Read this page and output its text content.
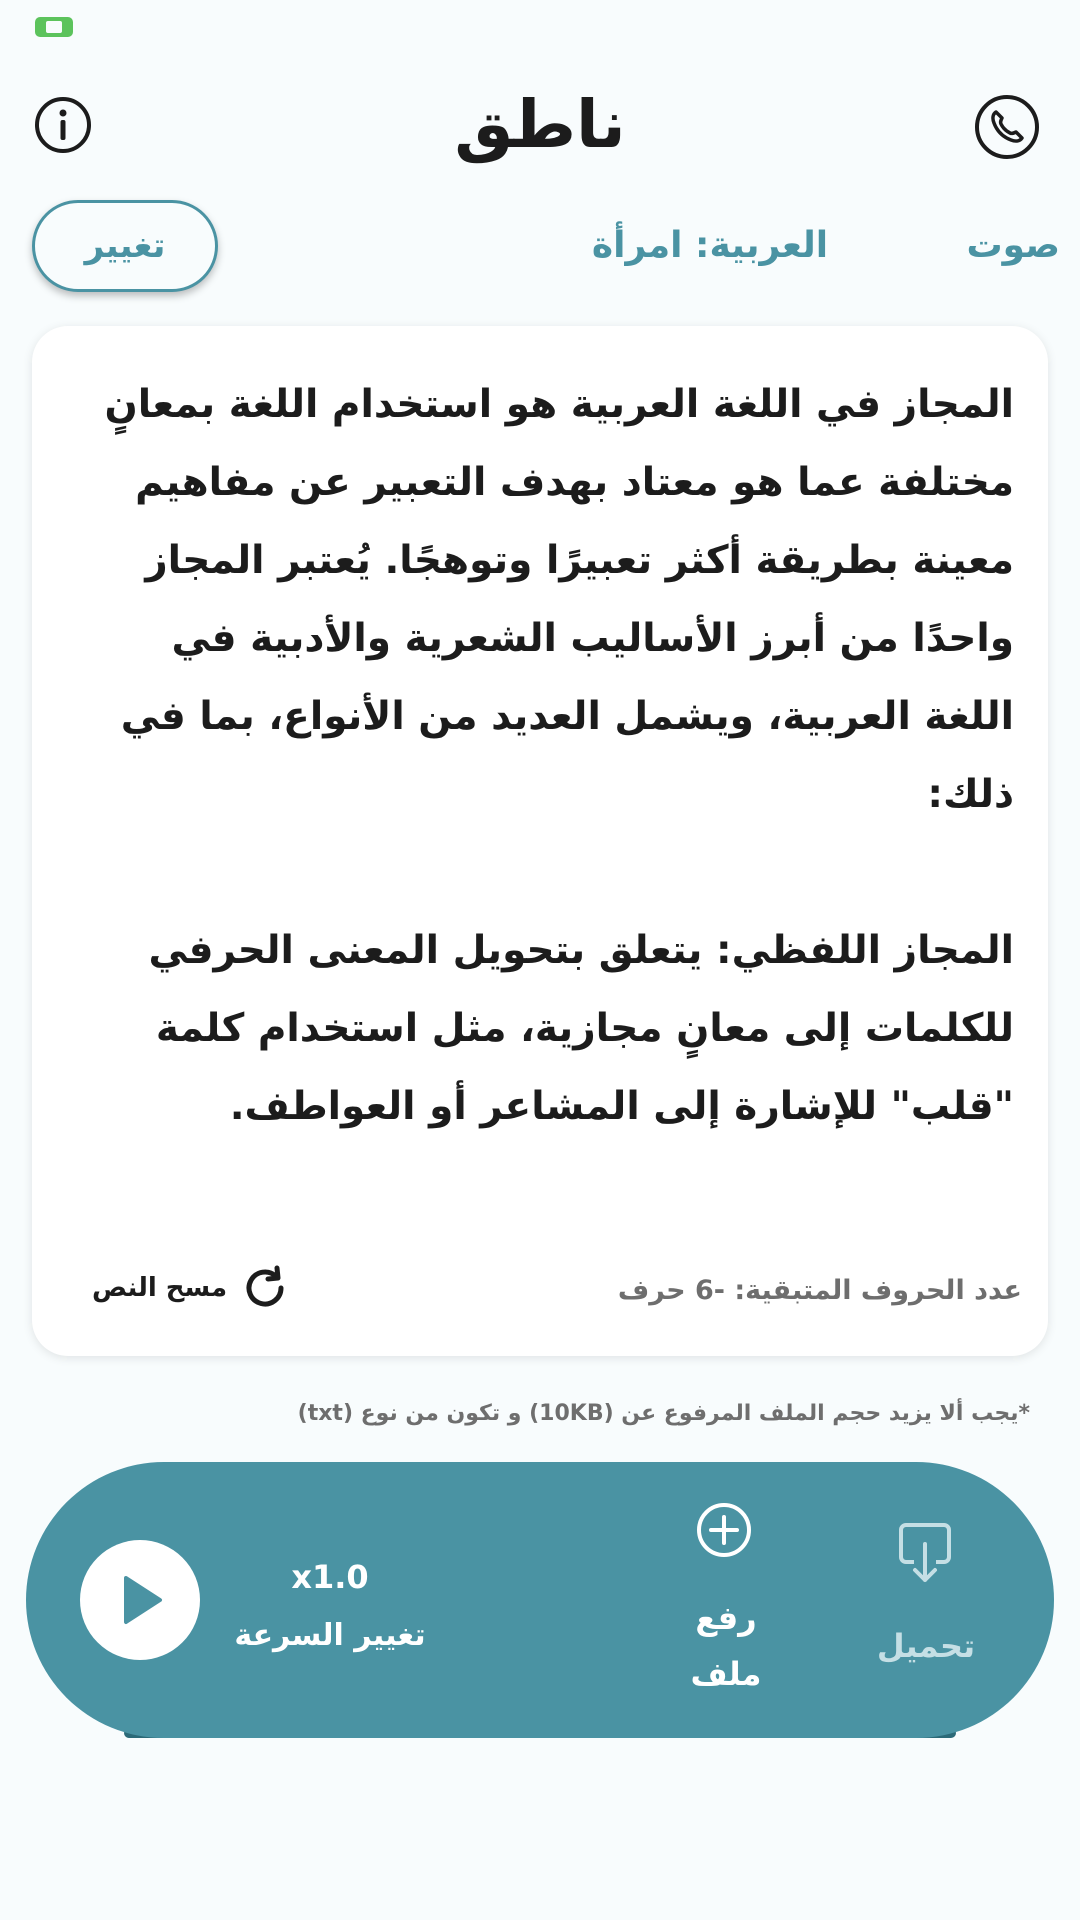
ناطق
تغيير	العربية: امرأة	صوت

المجاز في اللغة العربية هو استخدام اللغة بمعانٍ مختلفة عما هو معتاد بهدف التعبير عن مفاهيم معينة بطريقة أكثر تعبيرًا وتوهجًا. يُعتبر المجاز واحدًا من أبرز الأساليب الشعرية والأدبية في اللغة العربية، ويشمل العديد من الأنواع، بما في ذلك:

المجاز اللفظي: يتعلق بتحويل المعنى الحرفي للكلمات إلى معانٍ مجازية، مثل استخدام كلمة "قلب" للإشارة إلى المشاعر أو العواطف.

عدد الحروف المتبقية: -6 حرف
مسح النص
*يجب ألا يزيد حجم الملف المرفوع عن (10KB) و تكون من نوع (txt)
x1.0
تغيير السرعة	رفع ملف
تحميل
